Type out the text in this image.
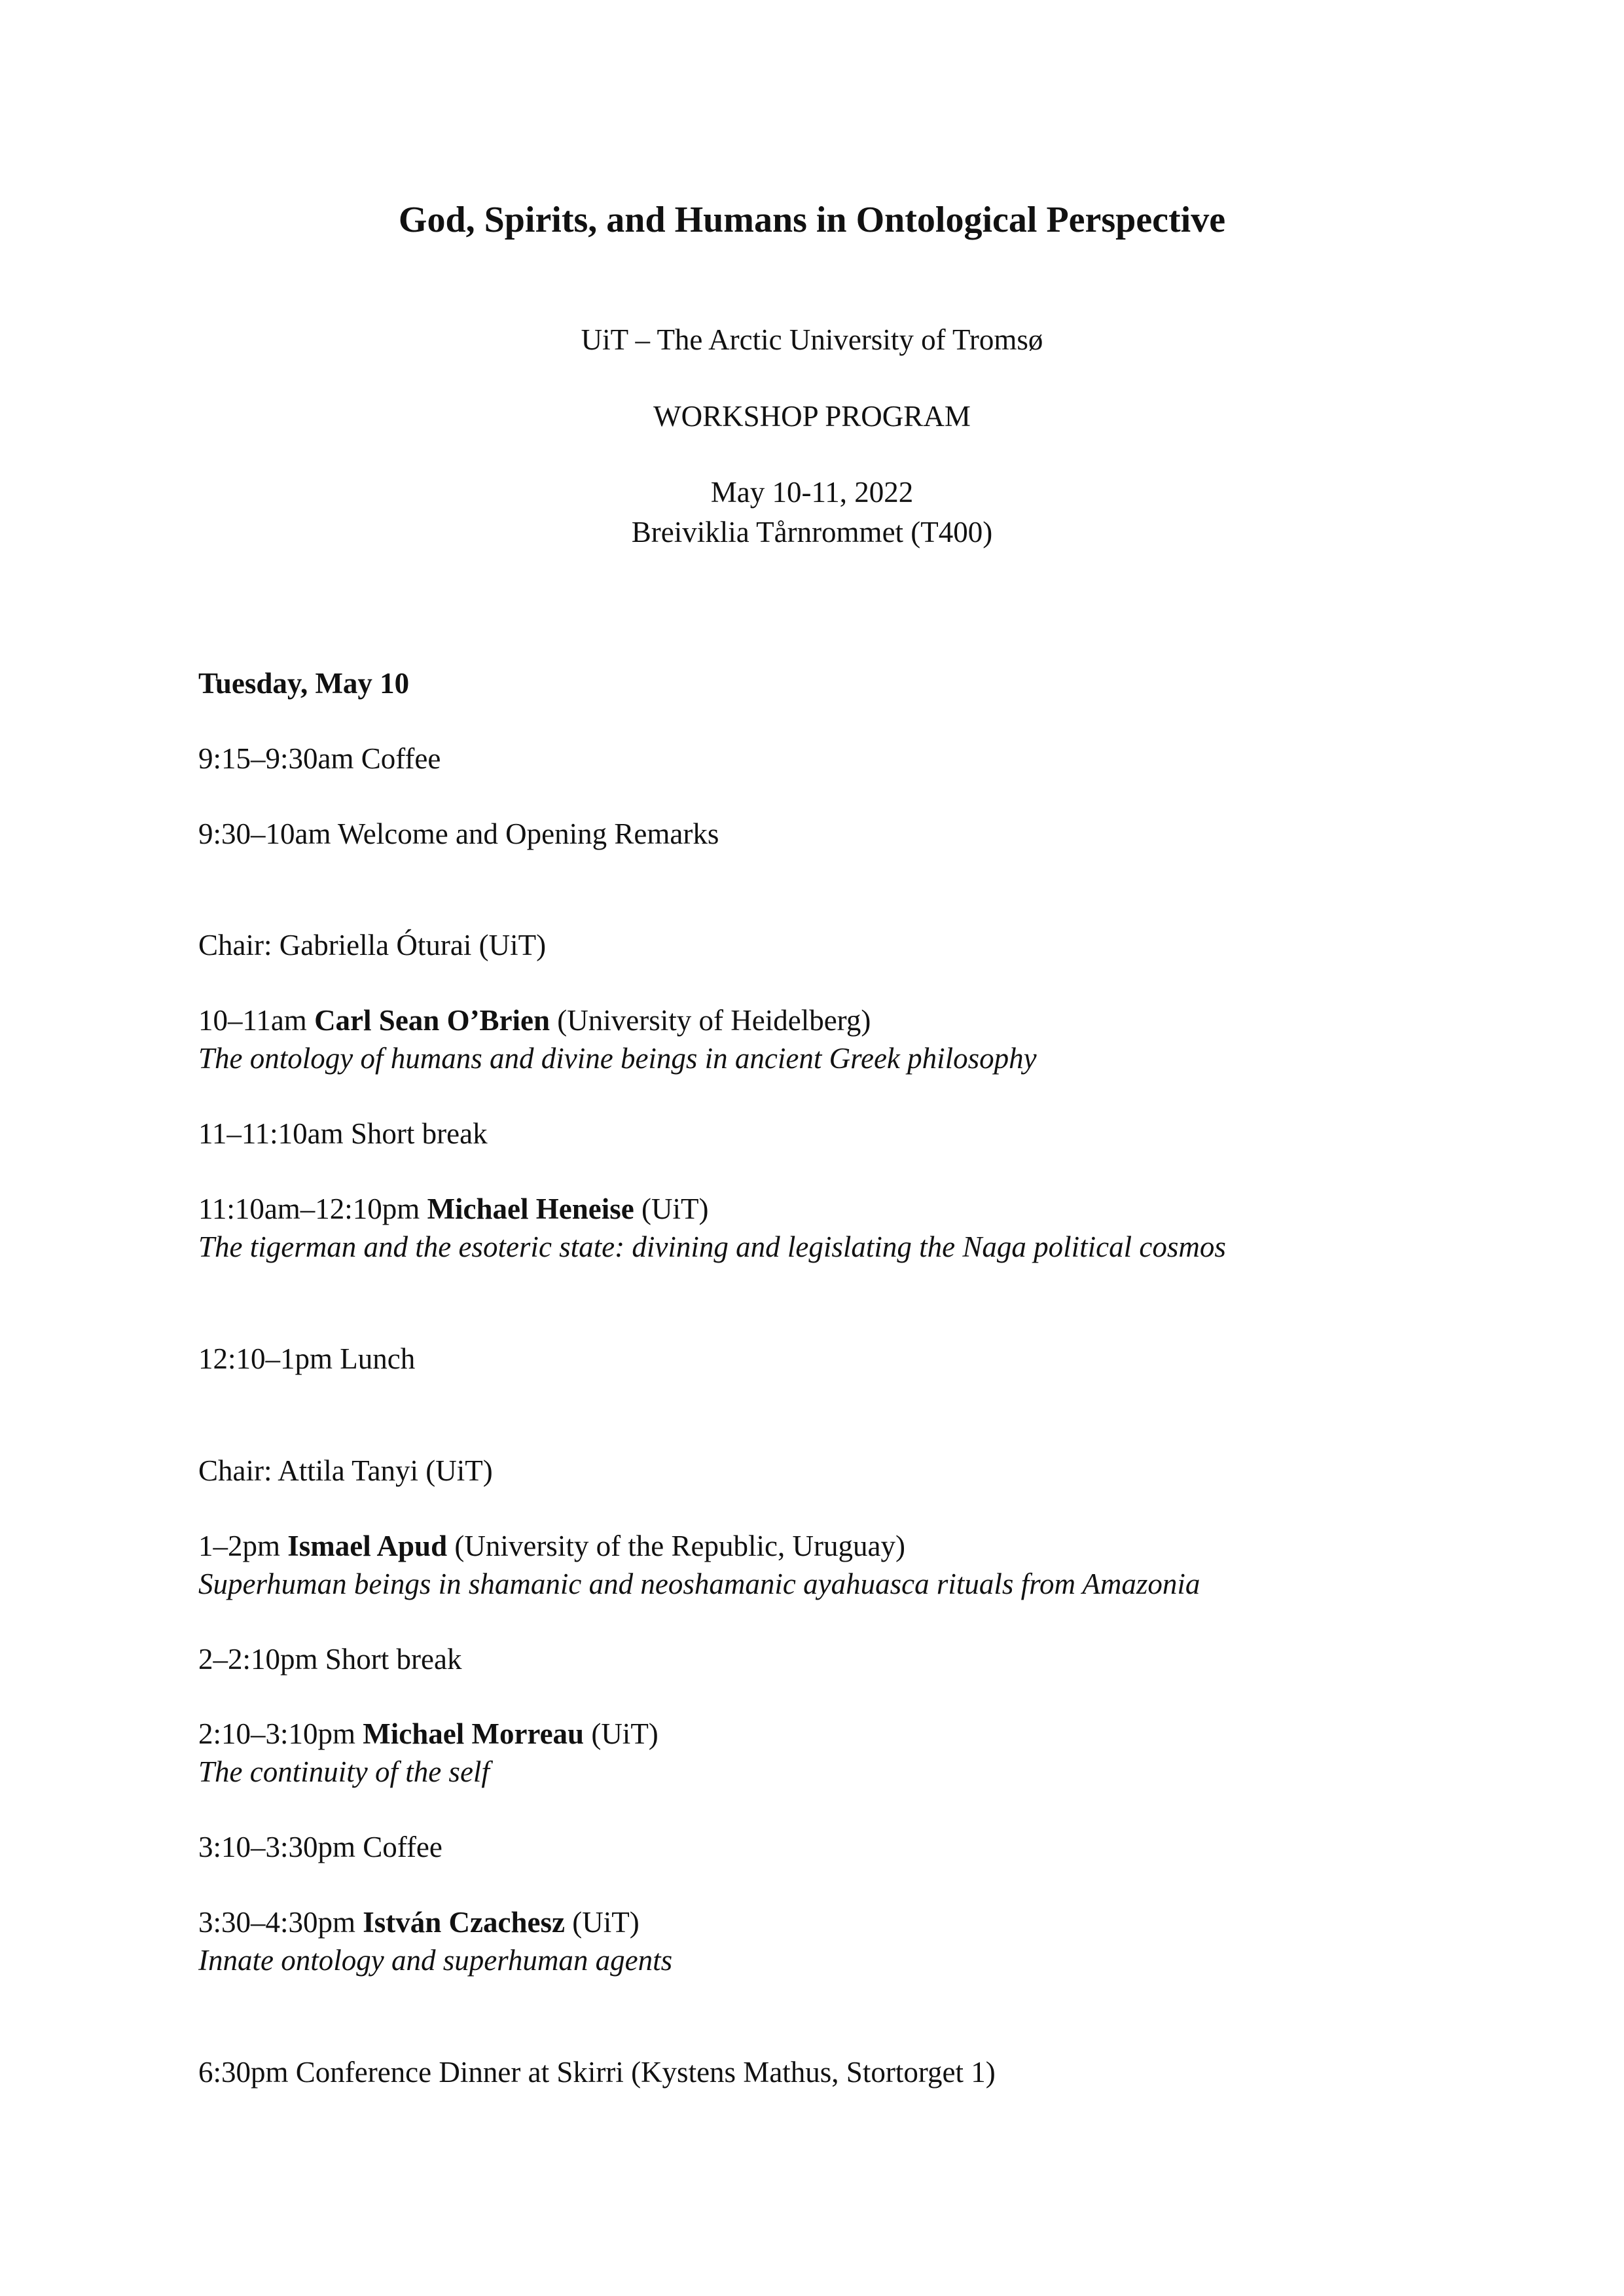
God, Spirits, and Humans in Ontological Perspective
UiT – The Arctic University of Tromsø
WORKSHOP PROGRAM
May 10-11, 2022
Breiviklia Tårnrommet (T400)
Tuesday, May 10
9:15–9:30am Coffee
9:30–10am Welcome and Opening Remarks
Chair: Gabriella Óturai (UiT)
10–11am Carl Sean O’Brien (University of Heidelberg)
The ontology of humans and divine beings in ancient Greek philosophy
11–11:10am Short break
11:10am–12:10pm Michael Heneise (UiT)
The tigerman and the esoteric state: divining and legislating the Naga political cosmos
12:10–1pm Lunch
Chair: Attila Tanyi (UiT)
1–2pm Ismael Apud (University of the Republic, Uruguay)
Superhuman beings in shamanic and neoshamanic ayahuasca rituals from Amazonia
2–2:10pm Short break
2:10–3:10pm Michael Morreau (UiT)
The continuity of the self
3:10–3:30pm Coffee
3:30–4:30pm István Czachesz (UiT)
Innate ontology and superhuman agents
6:30pm Conference Dinner at Skirri (Kystens Mathus, Stortorget 1)
